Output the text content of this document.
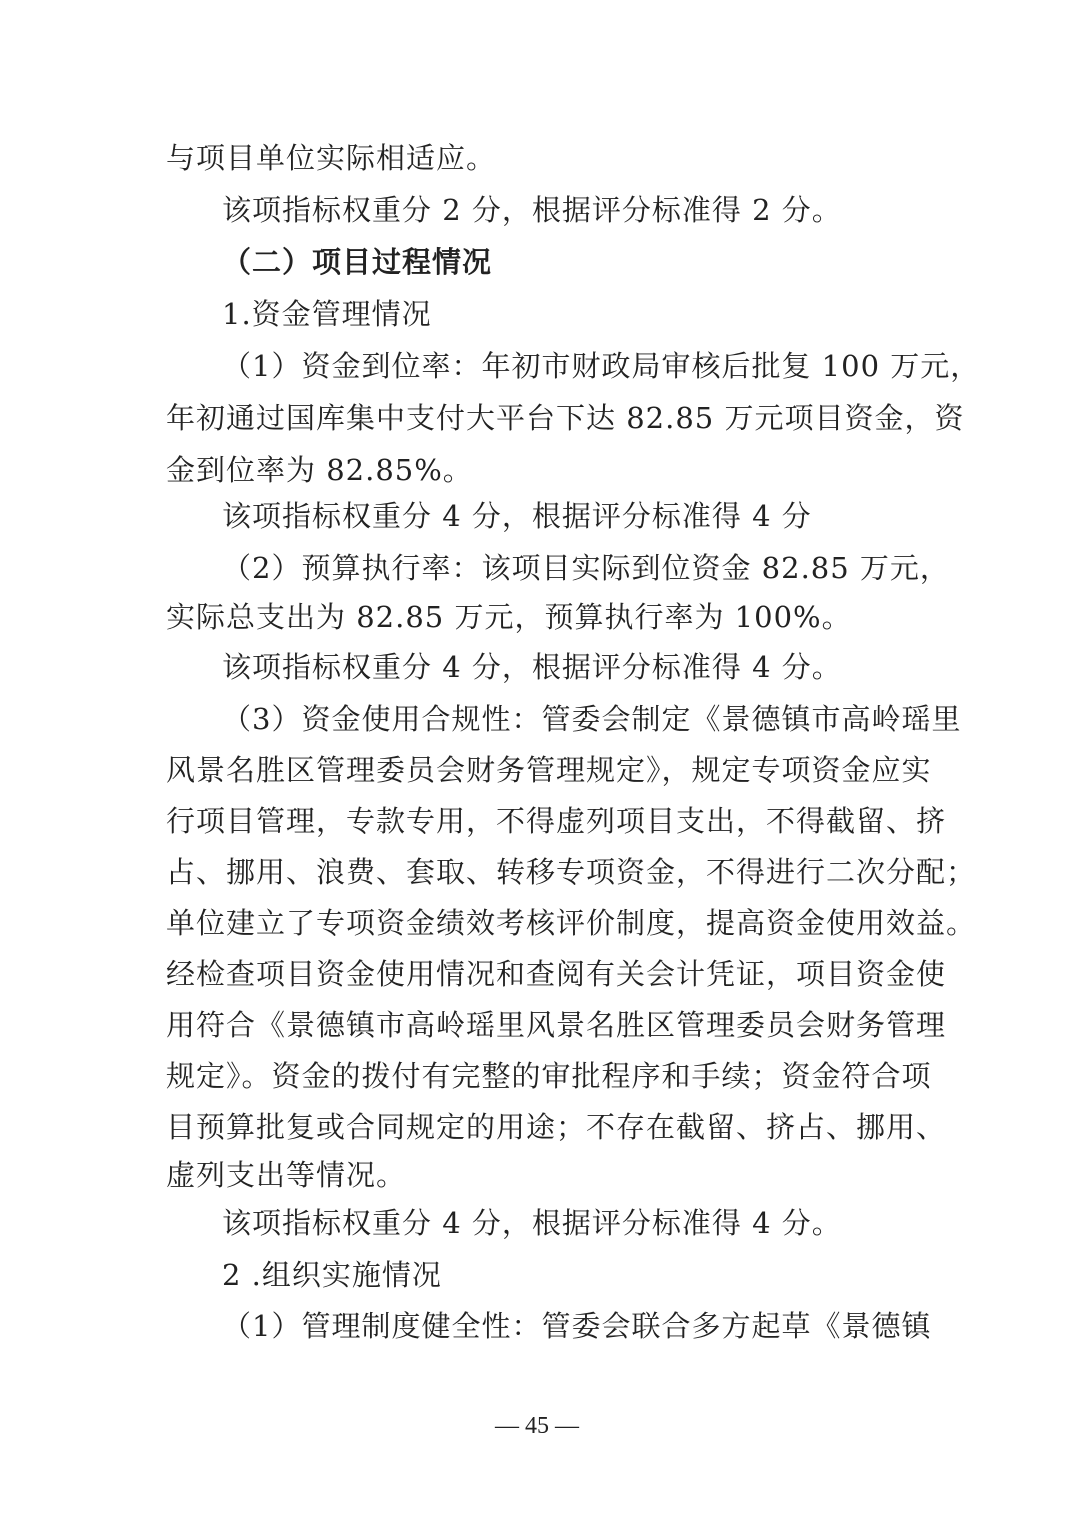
与项目单位实际相适应。
该项指标权重分 2 分，根据评分标准得 2 分。
（二）项目过程情况
1.资金管理情况
（1）资金到位率：年初市财政局审核后批复 100 万元，
年初通过国库集中支付大平台下达 82.85 万元项目资金，资
金到位率为 82.85%。
该项指标权重分 4 分，根据评分标准得 4 分
（2）预算执行率：该项目实际到位资金 82.85 万元，
实际总支出为 82.85 万元，预算执行率为 100%。
该项指标权重分 4 分，根据评分标准得 4 分。
（3）资金使用合规性：管委会制定《景德镇市高岭瑶里
风景名胜区管理委员会财务管理规定》，规定专项资金应实
行项目管理，专款专用，不得虚列项目支出，不得截留、挤
占、挪用、浪费、套取、转移专项资金，不得进行二次分配；
单位建立了专项资金绩效考核评价制度，提高资金使用效益。
经检查项目资金使用情况和查阅有关会计凭证，项目资金使
用符合《景德镇市高岭瑶里风景名胜区管理委员会财务管理
规定》。资金的拨付有完整的审批程序和手续；资金符合项
目预算批复或合同规定的用途；不存在截留、挤占、挪用、
虚列支出等情况。
该项指标权重分 4 分，根据评分标准得 4 分。
2 .组织实施情况
（1）管理制度健全性：管委会联合多方起草《景德镇
— 45 —
